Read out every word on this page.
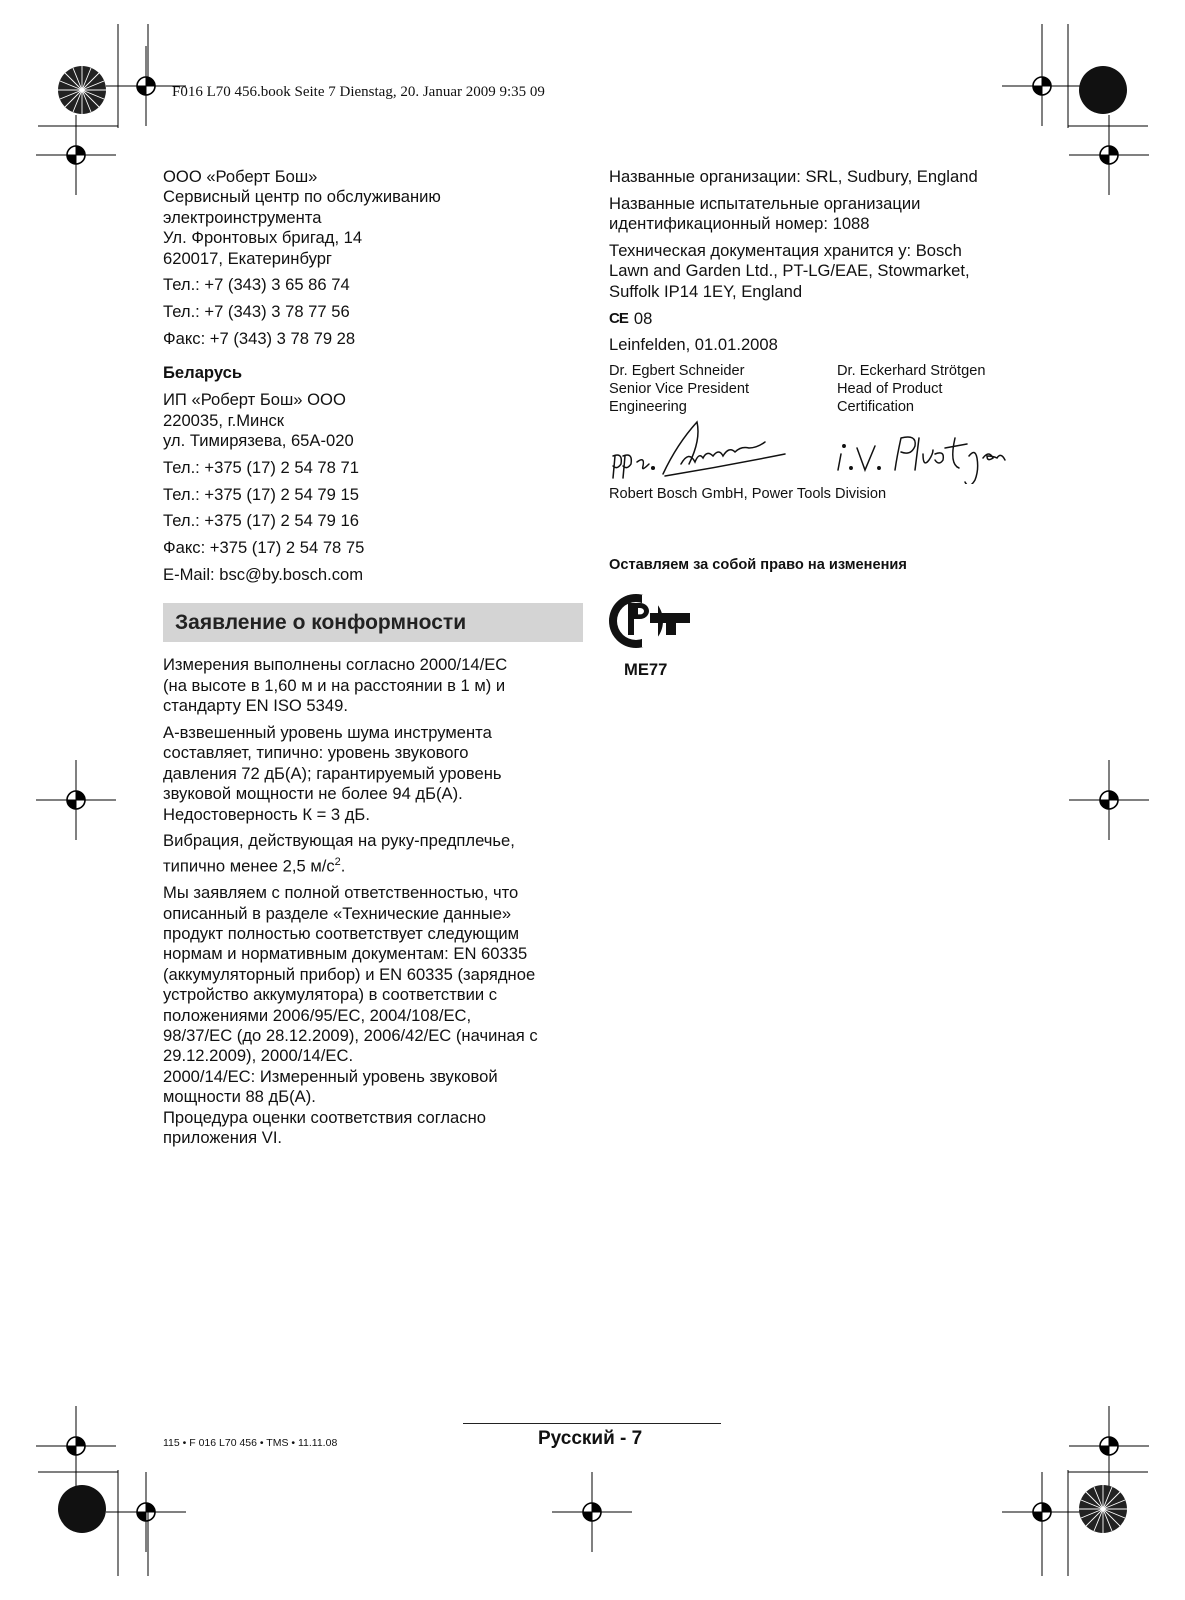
F016 L70 456.book Seite 7 Dienstag, 20. Januar 2009 9:35 09

ООО «Роберт Бош»
Сервисный центр по обслуживанию
электроинструмента
Ул. Фронтовых бригад, 14
620017, Екатеринбург

Тел.: +7 (343) 3 65 86 74

Тел.: +7 (343) 3 78 77 56

Факс: +7 (343) 3 78 79 28

Беларусь

ИП «Роберт Бош» ООО
220035, г.Минск
ул. Тимирязева, 65А-020

Тел.: +375 (17) 2 54 78 71

Тел.: +375 (17) 2 54 79 15

Тел.: +375 (17) 2 54 79 16

Факс: +375 (17) 2 54 78 75

E-Mail: bsc@by.bosch.com

Заявление о конформности

Измерения выполнены согласно 2000/14/EC
(на высоте в 1,60 м и на расстоянии в 1 м) и
стандарту EN ISO 5349.

А-взвешенный уровень шума инструмента
составляет, типично: уровень звукового
давления 72 дБ(А); гарантируемый уровень
звуковой мощности не более 94 дБ(А).
Недостоверность К = 3 дБ.

Вибрация, действующая на руку-предплечье,
типично менее 2,5 $м/с^2$.

Мы заявляем с полной ответственностью, что
описанный в разделе «Технические данные»
продукт полностью соответствует следующим
нормам и нормативным документам: EN 60335
(аккумуляторный прибор) и EN 60335 (зарядное
устройство аккумулятора) в соответствии с
положениями 2006/95/EC, 2004/108/EC,
98/37/EC (до 28.12.2009), 2006/42/EC (начиная с
29.12.2009), 2000/14/EC.
2000/14/EC: Измеренный уровень звуковой
мощности 88 дБ(А).
Процедура оценки соответствия согласно
приложения VI.

Названные организации: SRL, Sudbury, England

Названные испытательные организации
идентификационный номер: 1088

Техническая документация хранится у: Bosch
Lawn and Garden Ltd., PT-LG/EAE, Stowmarket,
Suffolk IP14 1EY, England

CE 08

Leinfelden, 01.01.2008

Dr. Egbert Schneider
Senior Vice President
Engineering
Dr. Eckerhard Strötgen
Head of Product
Certification

Robert Bosch GmbH, Power Tools Division

Оставляем за собой право на изменения

ME77
115 • F 016 L70 456 • TMS • 11.11.08	Русский - 7
